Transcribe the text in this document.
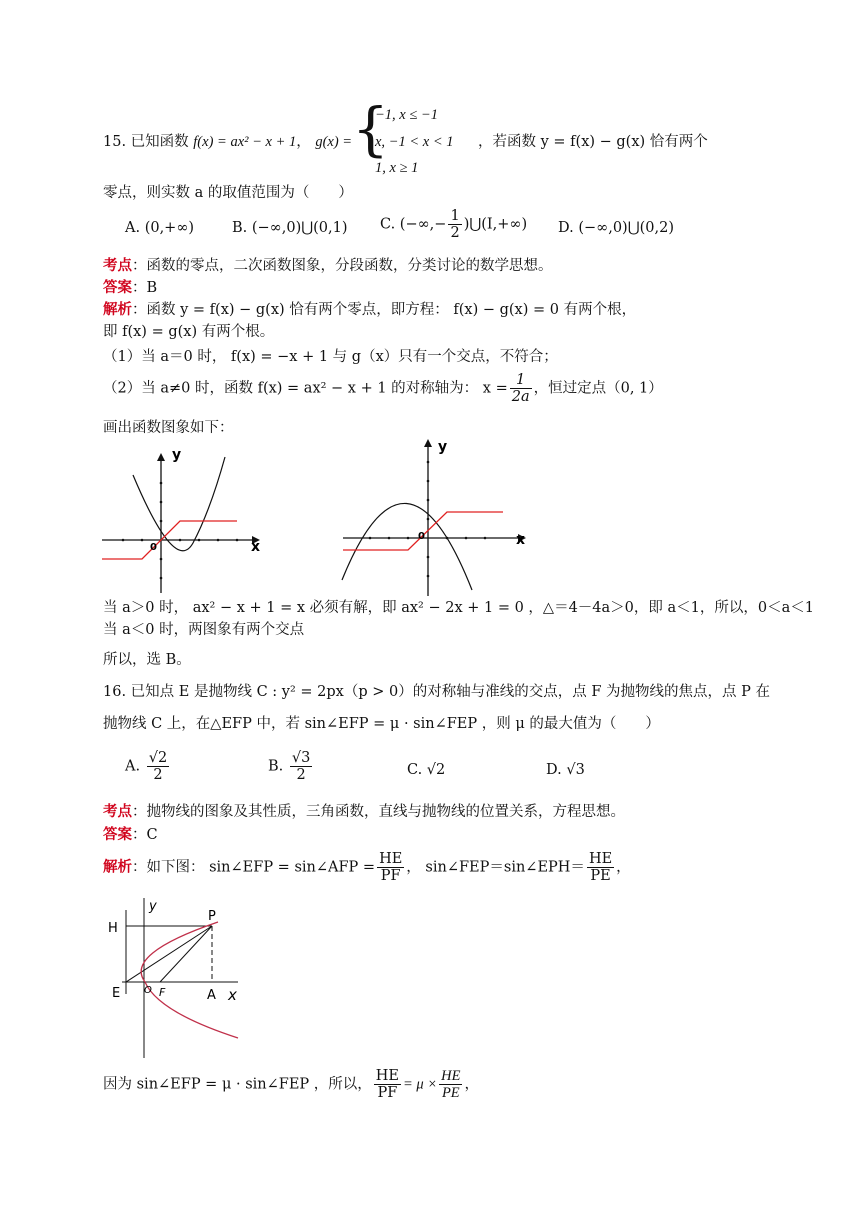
15. 已知函数 f(x) = ax² − x + 1， g(x) = {
−1, x ≤ −1
x, −1 < x < 1
1, x ≥ 1
，若函数 y = f(x) − g(x) 恰有两个
零点，则实数 a 的取值范围为（　　）
A. (0,+∞)	B. (−∞,0)⋃(0,1) C. (−∞,− $\frac{1}{2}$ )⋃(I,+∞) D. (−∞,0)⋃(0,2)
考点：函数的零点，二次函数图象，分段函数，分类讨论的数学思想。
答案：B
解析：函数 y = f(x) − g(x) 恰有两个零点，即方程： f(x) − g(x) = 0 有两个根，
即 f(x) = g(x) 有两个根。
（1）当 a＝0 时， f(x) = −x + 1 与 g（x）只有一个交点，不符合；
（2）当 a≠0 时，函数 f(x) = ax² − x + 1 的对称轴为： $x = \frac{1}{2a}$ ，恒过定点（0, 1）
画出函数图象如下：
y
x
0
y
x
0
当 a＞0 时， ax² − x + 1 = x 必须有解，即 ax² − 2x + 1 = 0 ，△＝4－4a＞0，即 a＜1，所以，0＜a＜1
当 a＜0 时，两图象有两个交点
所以，选 B。
16. 已知点 E 是抛物线 C : y² = 2px（p > 0）的对称轴与准线的交点，点 F 为抛物线的焦点，点 P 在
抛物线 C 上，在△EFP 中，若 sin∠EFP = μ · sin∠FEP ，则 μ 的最大值为（　　）
A. $\frac{√2}{2}$	B. $\frac{√3}{2}$	C. √2	D. √3
考点：抛物线的图象及其性质，三角函数，直线与抛物线的位置关系，方程思想。
答案：C
解析：如下图： sin∠EFP = sin∠AFP = $\frac{HE}{PF}$ ， sin∠FEP＝sin∠EPH＝ $\frac{HE}{PE}$ ，
H
P
y
E O F	A x
因为 sin∠EFP = μ · sin∠FEP ，所以， $\frac{HE}{PF} = \mu \times \frac{HE}{PE}$ ，
